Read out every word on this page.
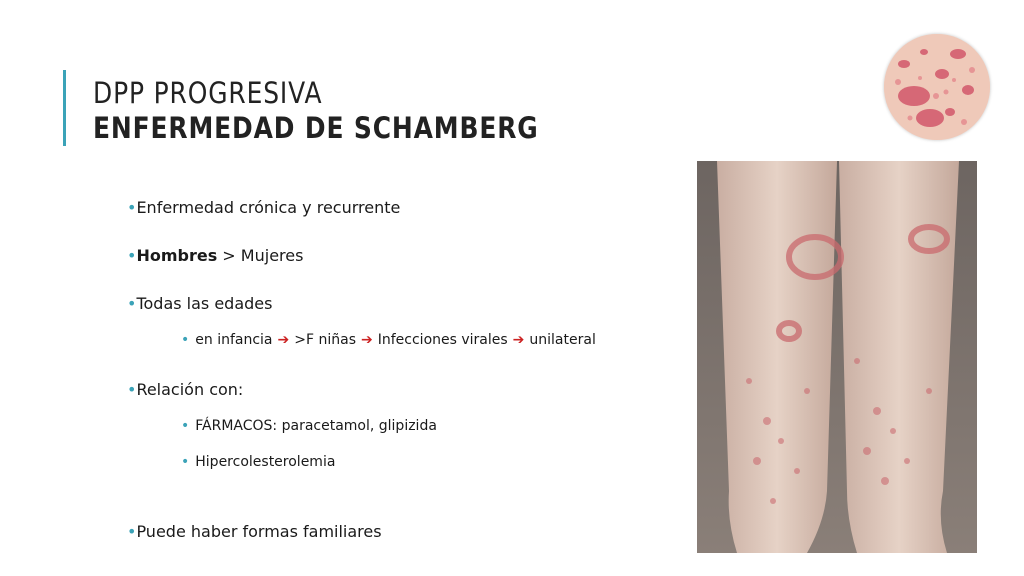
DPP PROGRESIVA
ENFERMEDAD DE SCHAMBERG
•Enfermedad crónica y recurrente
•Hombres > Mujeres
•Todas las edades
• en infancia ➔ >F niñas ➔ Infecciones virales ➔ unilateral
•Relación con:
• FÁRMACOS: paracetamol, glipizida
• Hipercolesterolemia
•Puede haber formas familiares
